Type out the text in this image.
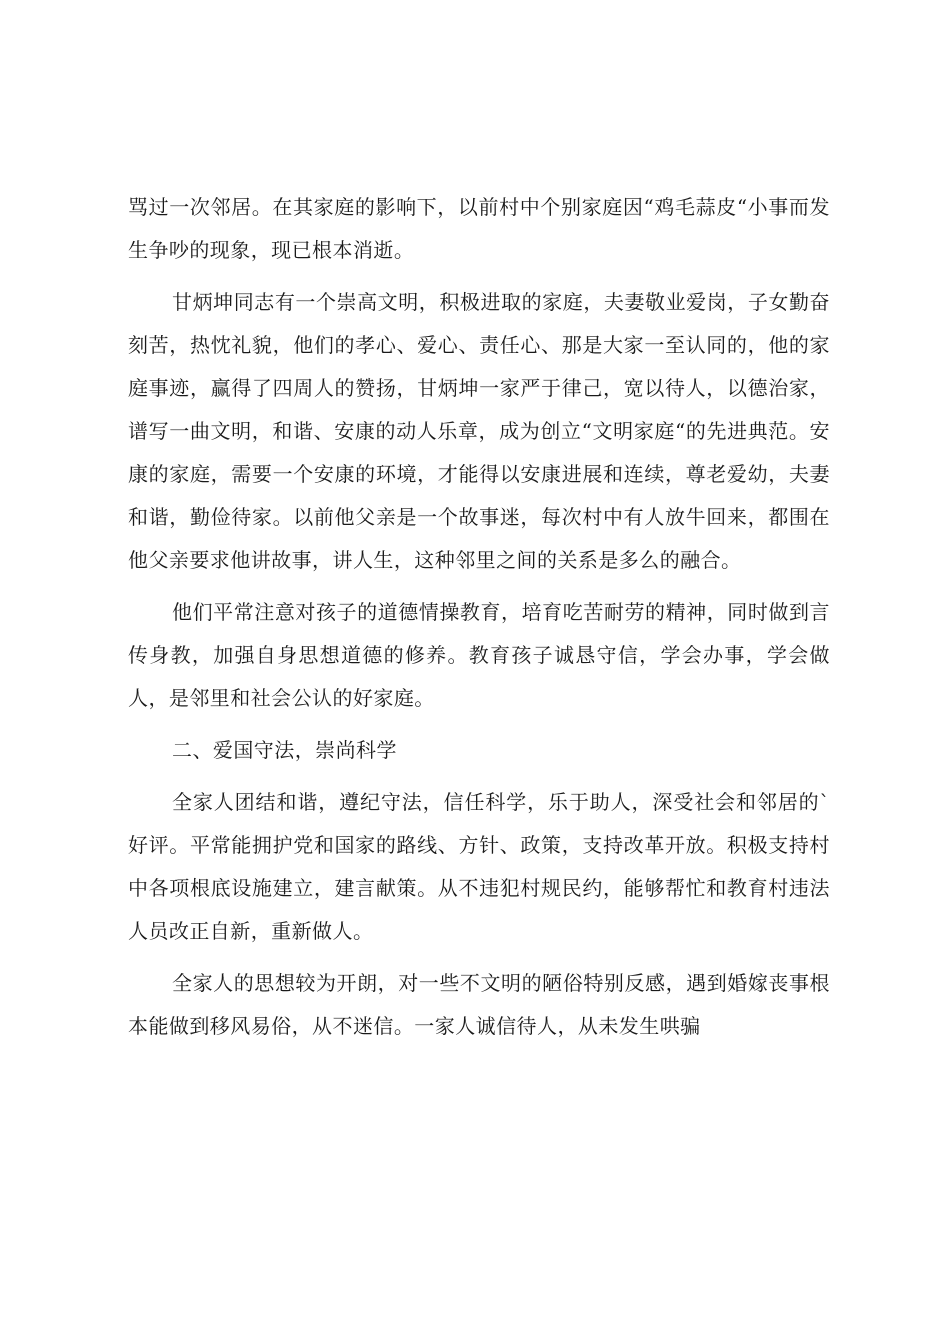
骂过一次邻居。在其家庭的影响下，以前村中个别家庭因“鸡毛蒜皮“小事而发生争吵的现象，现已根本消逝。

甘炳坤同志有一个崇高文明，积极进取的家庭，夫妻敬业爱岗，子女勤奋刻苦，热忱礼貌，他们的孝心、爱心、责任心、那是大家一至认同的，他的家庭事迹，赢得了四周人的赞扬，甘炳坤一家严于律己，宽以待人，以德治家，谱写一曲文明，和谐、安康的动人乐章，成为创立“文明家庭“的先进典范。安康的家庭，需要一个安康的环境，才能得以安康进展和连续，尊老爱幼，夫妻和谐，勤俭待家。以前他父亲是一个故事迷，每次村中有人放牛回来，都围在他父亲要求他讲故事，讲人生，这种邻里之间的关系是多么的融合。

他们平常注意对孩子的道德情操教育，培育吃苦耐劳的精神，同时做到言传身教，加强自身思想道德的修养。教育孩子诚恳守信，学会办事，学会做人，是邻里和社会公认的好家庭。

二、爱国守法，崇尚科学

全家人团结和谐，遵纪守法，信任科学，乐于助人，深受社会和邻居的`好评。平常能拥护党和国家的路线、方针、政策，支持改革开放。积极支持村中各项根底设施建立，建言献策。从不违犯村规民约，能够帮忙和教育村违法人员改正自新，重新做人。

全家人的思想较为开朗，对一些不文明的陋俗特别反感，遇到婚嫁丧事根本能做到移风易俗，从不迷信。一家人诚信待人，从未发生哄骗
